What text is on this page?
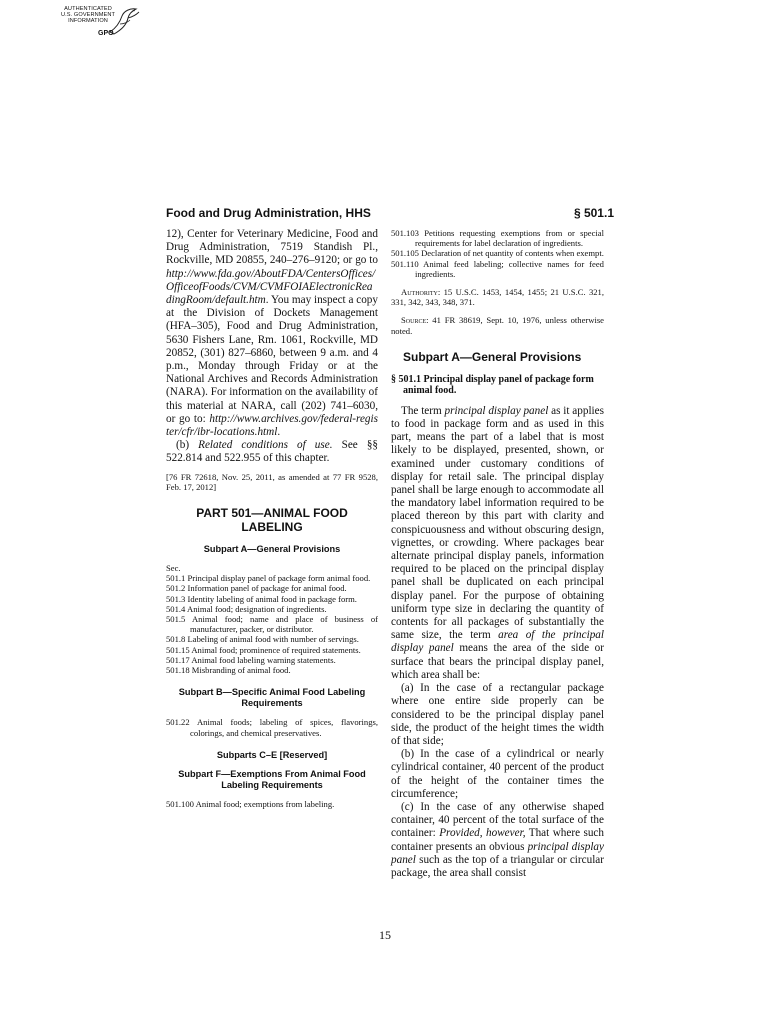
AUTHENTICATED
U.S. GOVERNMENT
INFORMATION
GPO
Food and Drug Administration, HHS	§ 501.1

12), Center for Veterinary Medicine, Food and Drug Administration, 7519 Standish Pl., Rockville, MD 20855, 240–276–9120; or go to http://www.fda.gov/AboutFDA/CentersOffices/OfficeofFoods/CVM/CVMFOIAElectronicReadingRoom/default.htm. You may inspect a copy at the Division of Dockets Management (HFA–305), Food and Drug Administration, 5630 Fishers Lane, Rm. 1061, Rockville, MD 20852, (301) 827–6860, between 9 a.m. and 4 p.m., Monday through Friday or at the National Archives and Records Administration (NARA). For information on the availability of this material at NARA, call (202) 741–6030, or go to: http://www.archives.gov/federal-register/cfr/ibr-locations.html.

(b) Related conditions of use. See §§ 522.814 and 522.955 of this chapter.

[76 FR 72618, Nov. 25, 2011, as amended at 77 FR 9528, Feb. 17, 2012]

PART 501—ANIMAL FOOD LABELING
Subpart A—General Provisions
Sec.
501.1 Principal display panel of package form animal food.
501.2 Information panel of package for animal food.
501.3 Identity labeling of animal food in package form.
501.4 Animal food; designation of ingredients.
501.5 Animal food; name and place of business of manufacturer, packer, or distributor.
501.8 Labeling of animal food with number of servings.
501.15 Animal food; prominence of required statements.
501.17 Animal food labeling warning statements.
501.18 Misbranding of animal food.
Subpart B—Specific Animal Food Labeling Requirements
501.22 Animal foods; labeling of spices, flavorings, colorings, and chemical preservatives.
Subparts C–E [Reserved]
Subpart F—Exemptions From Animal Food Labeling Requirements
501.100 Animal food; exemptions from labeling.
501.103 Petitions requesting exemptions from or special requirements for label declaration of ingredients.
501.105 Declaration of net quantity of contents when exempt.
501.110 Animal feed labeling; collective names for feed ingredients.

Authority: 15 U.S.C. 1453, 1454, 1455; 21 U.S.C. 321, 331, 342, 343, 348, 371.

Source: 41 FR 38619, Sept. 10, 1976, unless otherwise noted.

Subpart A—General Provisions
§ 501.1 Principal display panel of package form animal food.

The term principal display panel as it applies to food in package form and as used in this part, means the part of a label that is most likely to be displayed, presented, shown, or examined under customary conditions of display for retail sale. The principal display panel shall be large enough to accommodate all the mandatory label information required to be placed thereon by this part with clarity and conspicuousness and without obscuring design, vignettes, or crowding. Where packages bear alternate principal display panels, information required to be placed on the principal display panel shall be duplicated on each principal display panel. For the purpose of obtaining uniform type size in declaring the quantity of contents for all packages of substantially the same size, the term area of the principal display panel means the area of the side or surface that bears the principal display panel, which area shall be:

(a) In the case of a rectangular package where one entire side properly can be considered to be the principal display panel side, the product of the height times the width of that side;

(b) In the case of a cylindrical or nearly cylindrical container, 40 percent of the product of the height of the container times the circumference;

(c) In the case of any otherwise shaped container, 40 percent of the total surface of the container: Provided, however, That where such container presents an obvious principal display panel such as the top of a triangular or circular package, the area shall consist

15
